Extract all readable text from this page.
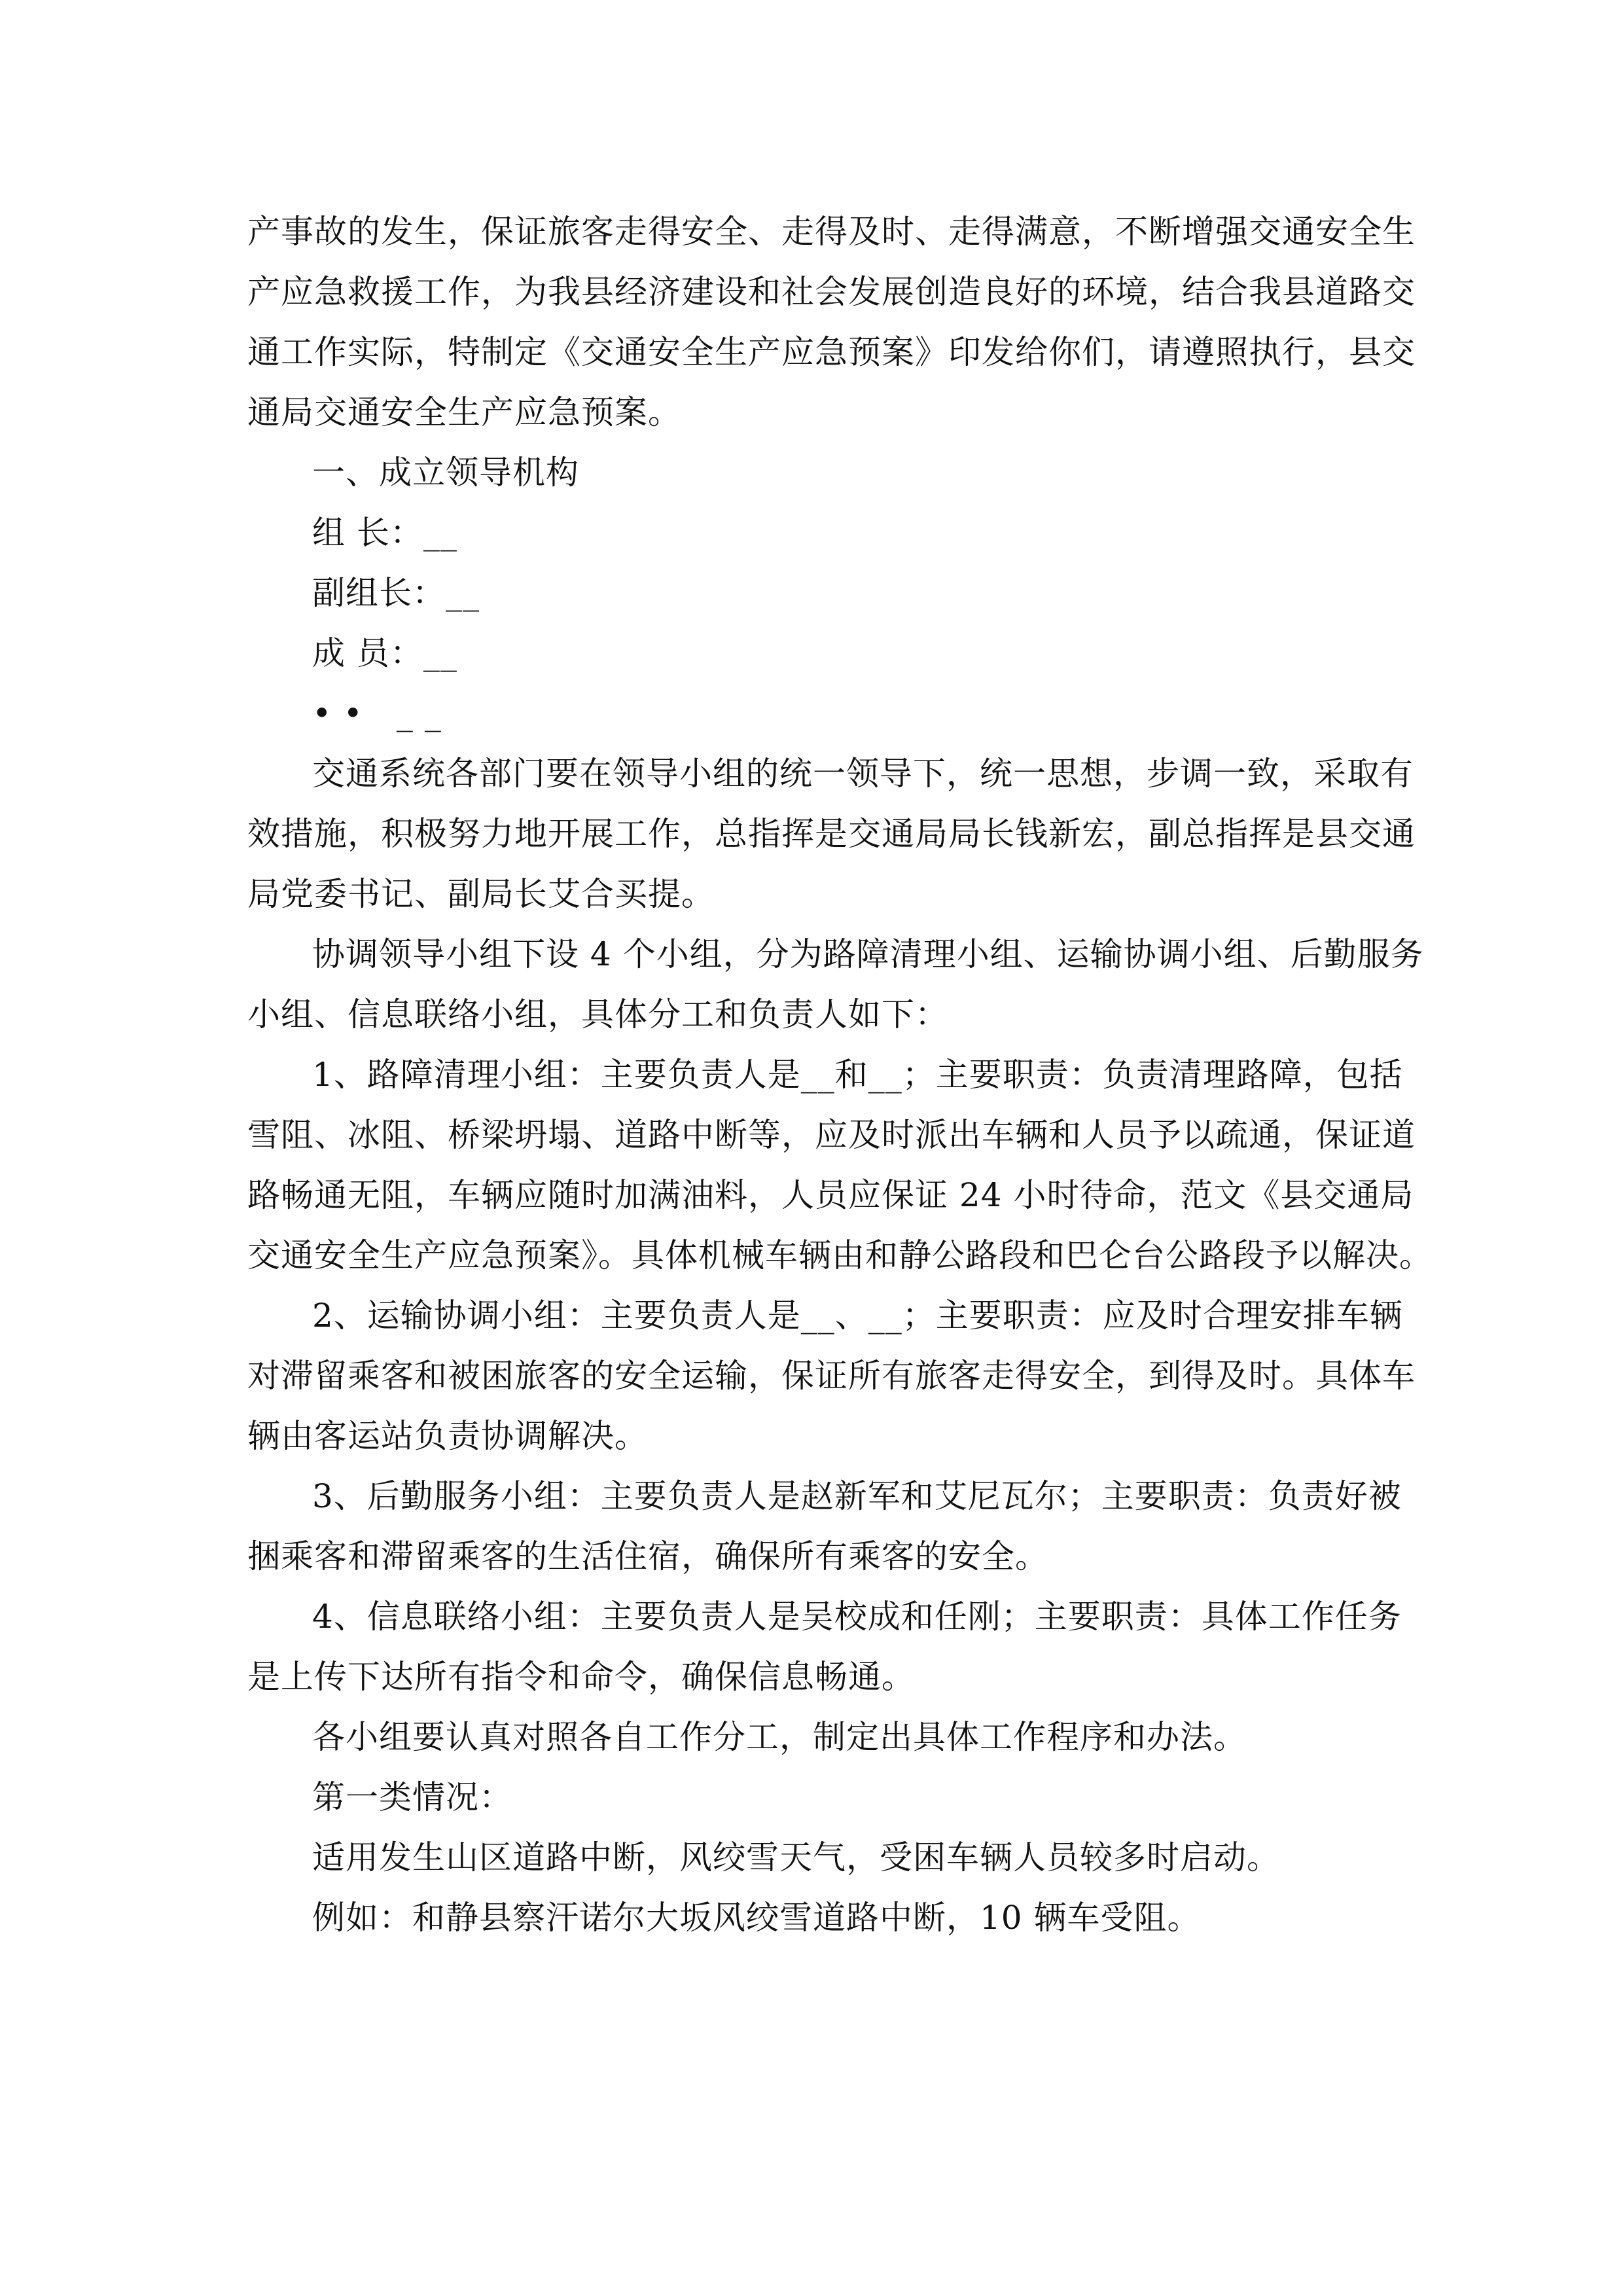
产事故的发生，保证旅客走得安全、走得及时、走得满意，不断增强交通安全生
产应急救援工作，为我县经济建设和社会发展创造良好的环境，结合我县道路交
通工作实际，特制定《交通安全生产应急预案》印发给你们，请遵照执行，县交
通局交通安全生产应急预案。
一、成立领导机构
组 长：__
副组长：__
成 员：__
•• __
交通系统各部门要在领导小组的统一领导下，统一思想，步调一致，采取有
效措施，积极努力地开展工作，总指挥是交通局局长钱新宏，副总指挥是县交通
局党委书记、副局长艾合买提。
协调领导小组下设 4 个小组，分为路障清理小组、运输协调小组、后勤服务
小组、信息联络小组，具体分工和负责人如下：
1、路障清理小组：主要负责人是__和__；主要职责：负责清理路障，包括
雪阻、冰阻、桥梁坍塌、道路中断等，应及时派出车辆和人员予以疏通，保证道
路畅通无阻，车辆应随时加满油料，人员应保证 24 小时待命，范文《县交通局
交通安全生产应急预案》。具体机械车辆由和静公路段和巴仑台公路段予以解决。
2、运输协调小组：主要负责人是__、__；主要职责：应及时合理安排车辆
对滞留乘客和被困旅客的安全运输，保证所有旅客走得安全，到得及时。具体车
辆由客运站负责协调解决。
3、后勤服务小组：主要负责人是赵新军和艾尼瓦尔；主要职责：负责好被
捆乘客和滞留乘客的生活住宿，确保所有乘客的安全。
4、信息联络小组：主要负责人是吴校成和任刚；主要职责：具体工作任务
是上传下达所有指令和命令，确保信息畅通。
各小组要认真对照各自工作分工，制定出具体工作程序和办法。
第一类情况：
适用发生山区道路中断，风绞雪天气，受困车辆人员较多时启动。
例如：和静县察汗诺尔大坂风绞雪道路中断，10 辆车受阻。
